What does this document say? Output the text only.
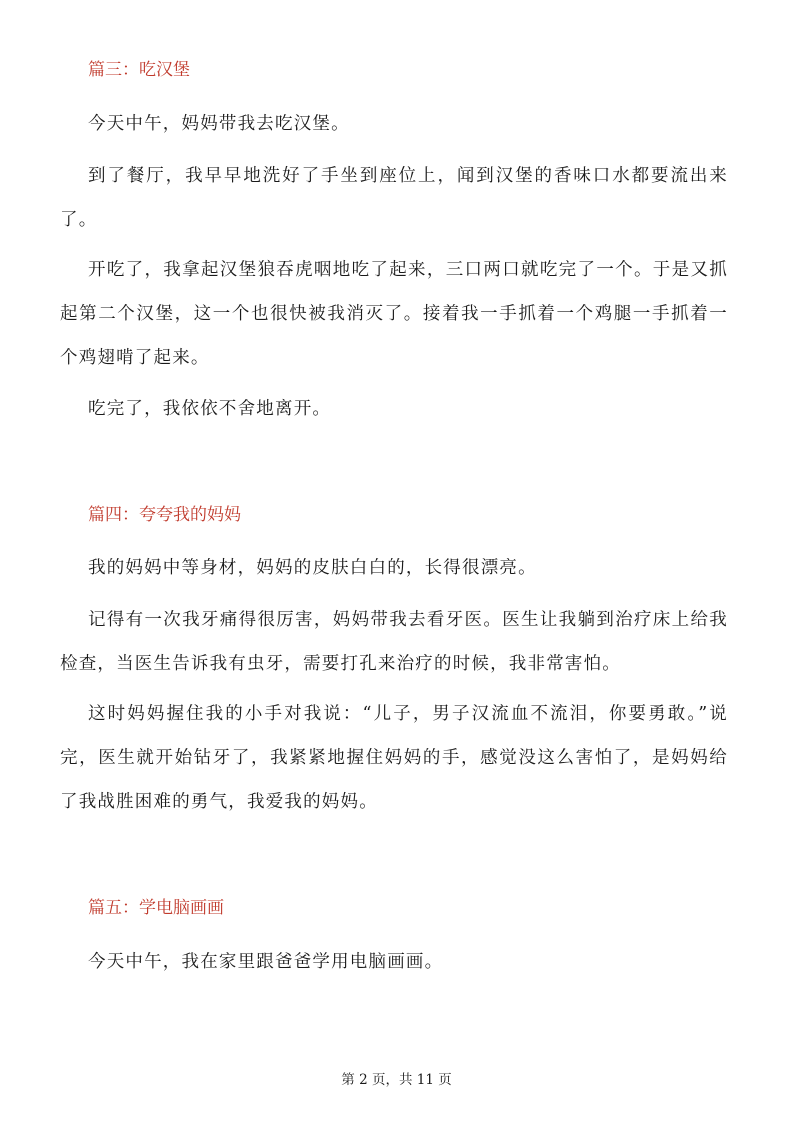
篇三：吃汉堡

今天中午，妈妈带我去吃汉堡。

到了餐厅，我早早地洗好了手坐到座位上，闻到汉堡的香味口水都要流出来了。

开吃了，我拿起汉堡狼吞虎咽地吃了起来，三口两口就吃完了一个。于是又抓起第二个汉堡，这一个也很快被我消灭了。接着我一手抓着一个鸡腿一手抓着一个鸡翅啃了起来。

吃完了，我依依不舍地离开。

篇四：夸夸我的妈妈

我的妈妈中等身材，妈妈的皮肤白白的，长得很漂亮。

记得有一次我牙痛得很厉害，妈妈带我去看牙医。医生让我躺到治疗床上给我检查，当医生告诉我有虫牙，需要打孔来治疗的时候，我非常害怕。

这时妈妈握住我的小手对我说：“儿子，男子汉流血不流泪，你要勇敢。”说完，医生就开始钻牙了，我紧紧地握住妈妈的手，感觉没这么害怕了，是妈妈给了我战胜困难的勇气，我爱我的妈妈。

篇五：学电脑画画

今天中午，我在家里跟爸爸学用电脑画画。

第 2 页，共 11 页
